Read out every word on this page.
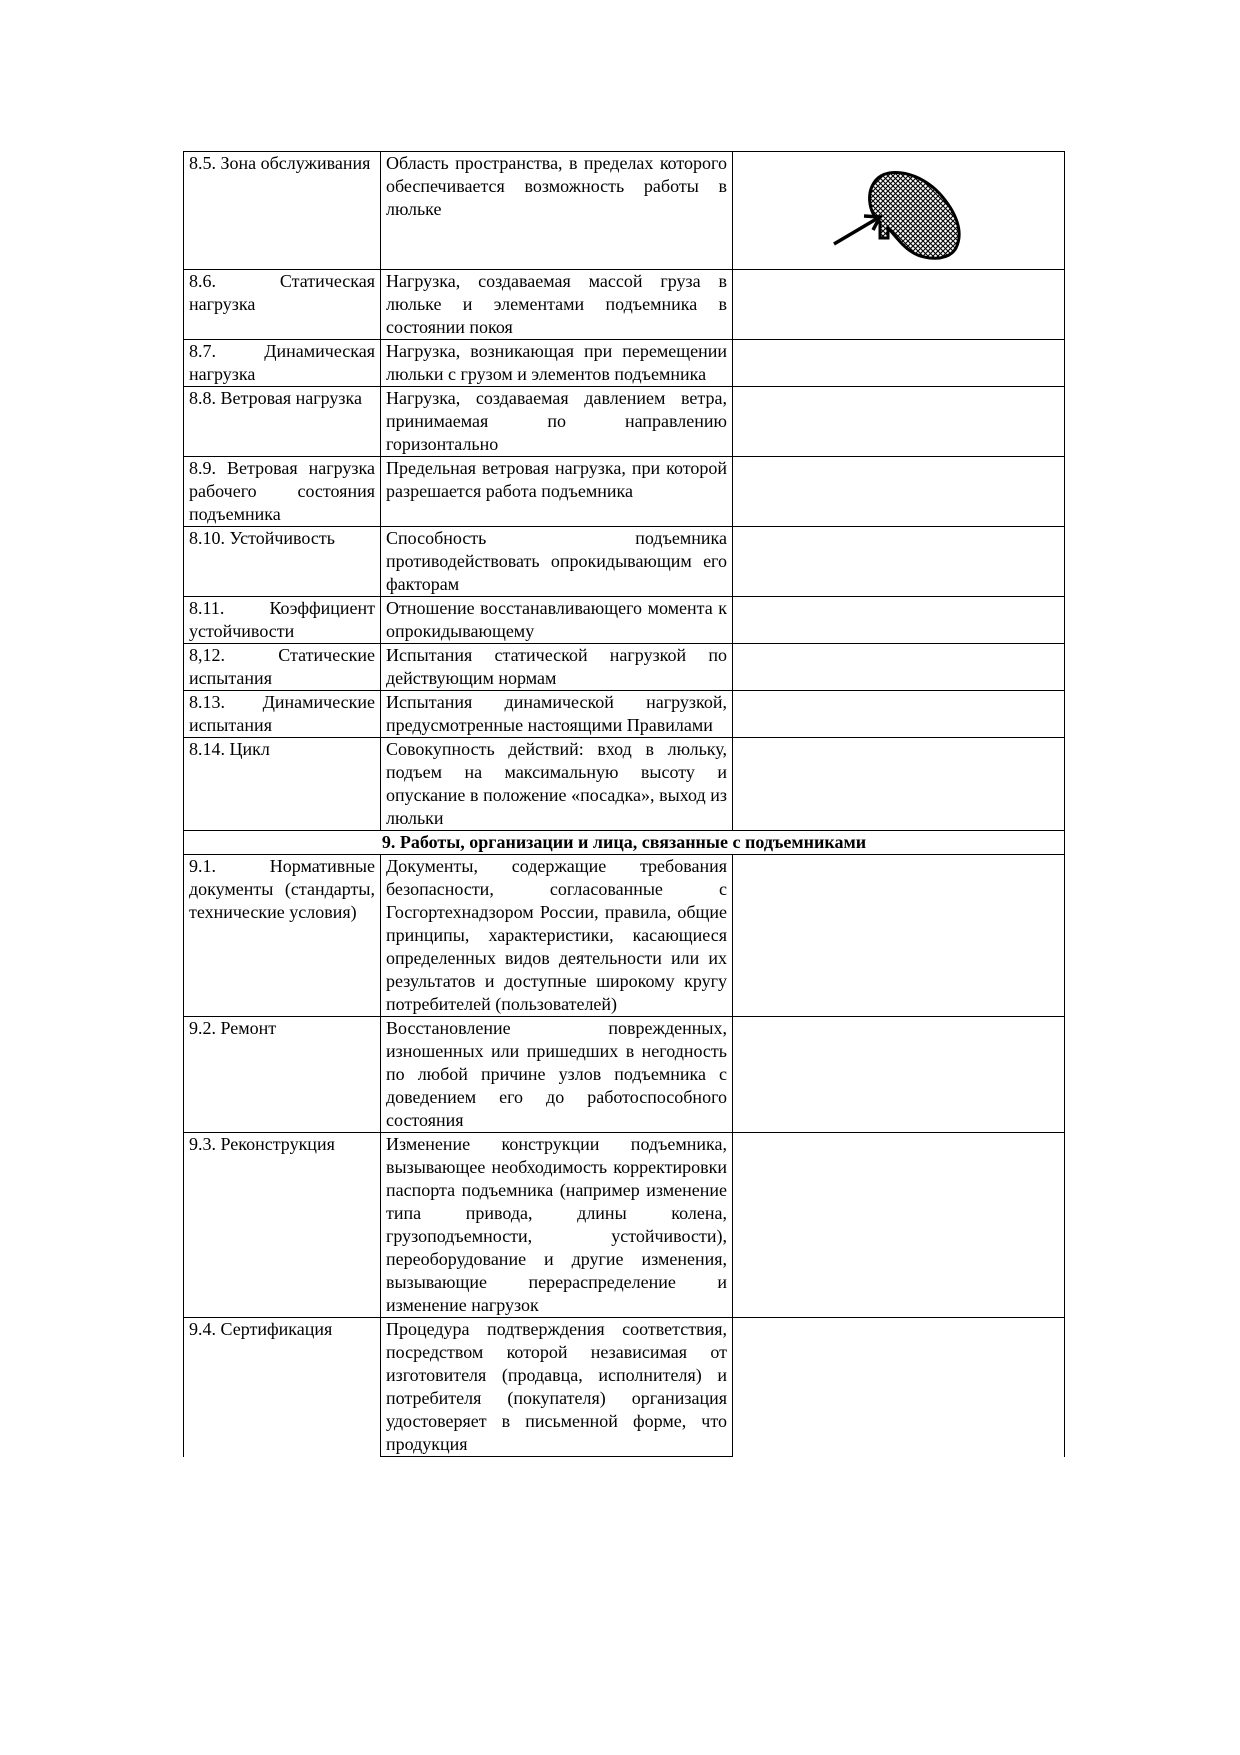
8.5. Зона обслуживания	Область пространства, в пределах которого обеспечивается возможность работы в люльке	

8.6. Статическая нагрузка	Нагрузка, создаваемая массой груза в люльке и элементами подъемника в состоянии покоя	
8.7. Динамическая нагрузка	Нагрузка, возникающая при перемещении люльки с грузом и элементов подъемника	
8.8. Ветровая нагрузка	Нагрузка, создаваемая давлением ветра, принимаемая по направлению горизонтально	
8.9. Ветровая нагрузка рабочего состояния подъемника	Предельная ветровая нагрузка, при которой разрешается работа подъемника	
8.10. Устойчивость	Способность подъемника противодействовать опрокидывающим его факторам	
8.11. Коэффициент устойчивости	Отношение восстанавливающего момента к опрокидывающему	
8,12. Статические испытания	Испытания статической нагрузкой по действующим нормам	
8.13. Динамические испытания	Испытания динамической нагрузкой, предусмотренные настоящими Правилами	
8.14. Цикл	Совокупность действий: вход в люльку, подъем на максимальную высоту и опускание в положение «посадка», выход из люльки	
9. Работы, организации и лица, связанные с подъемниками		
9.1. Нормативные документы (стандарты, технические условия)	Документы, содержащие требования безопасности, согласованные с Госгортехнадзором России, правила, общие принципы, характеристики, касающиеся определенных видов деятельности или их результатов и доступные широкому кругу потребителей (пользователей)	
9.2. Ремонт	Восстановление поврежденных, изношенных или пришедших в негодность по любой причине узлов подъемника с доведением его до работоспособного состояния	
9.3. Реконструкция	Изменение конструкции подъемника, вызывающее необходимость корректировки паспорта подъемника (например изменение типа привода, длины колена, грузоподъемности, устойчивости), переоборудование и другие изменения, вызывающие перераспределение и изменение нагрузок	
9.4. Сертификация	Процедура подтверждения соответствия, посредством которой независимая от изготовителя (продавца, исполнителя) и потребителя (покупателя) организация удостоверяет в письменной форме, что продукция	
